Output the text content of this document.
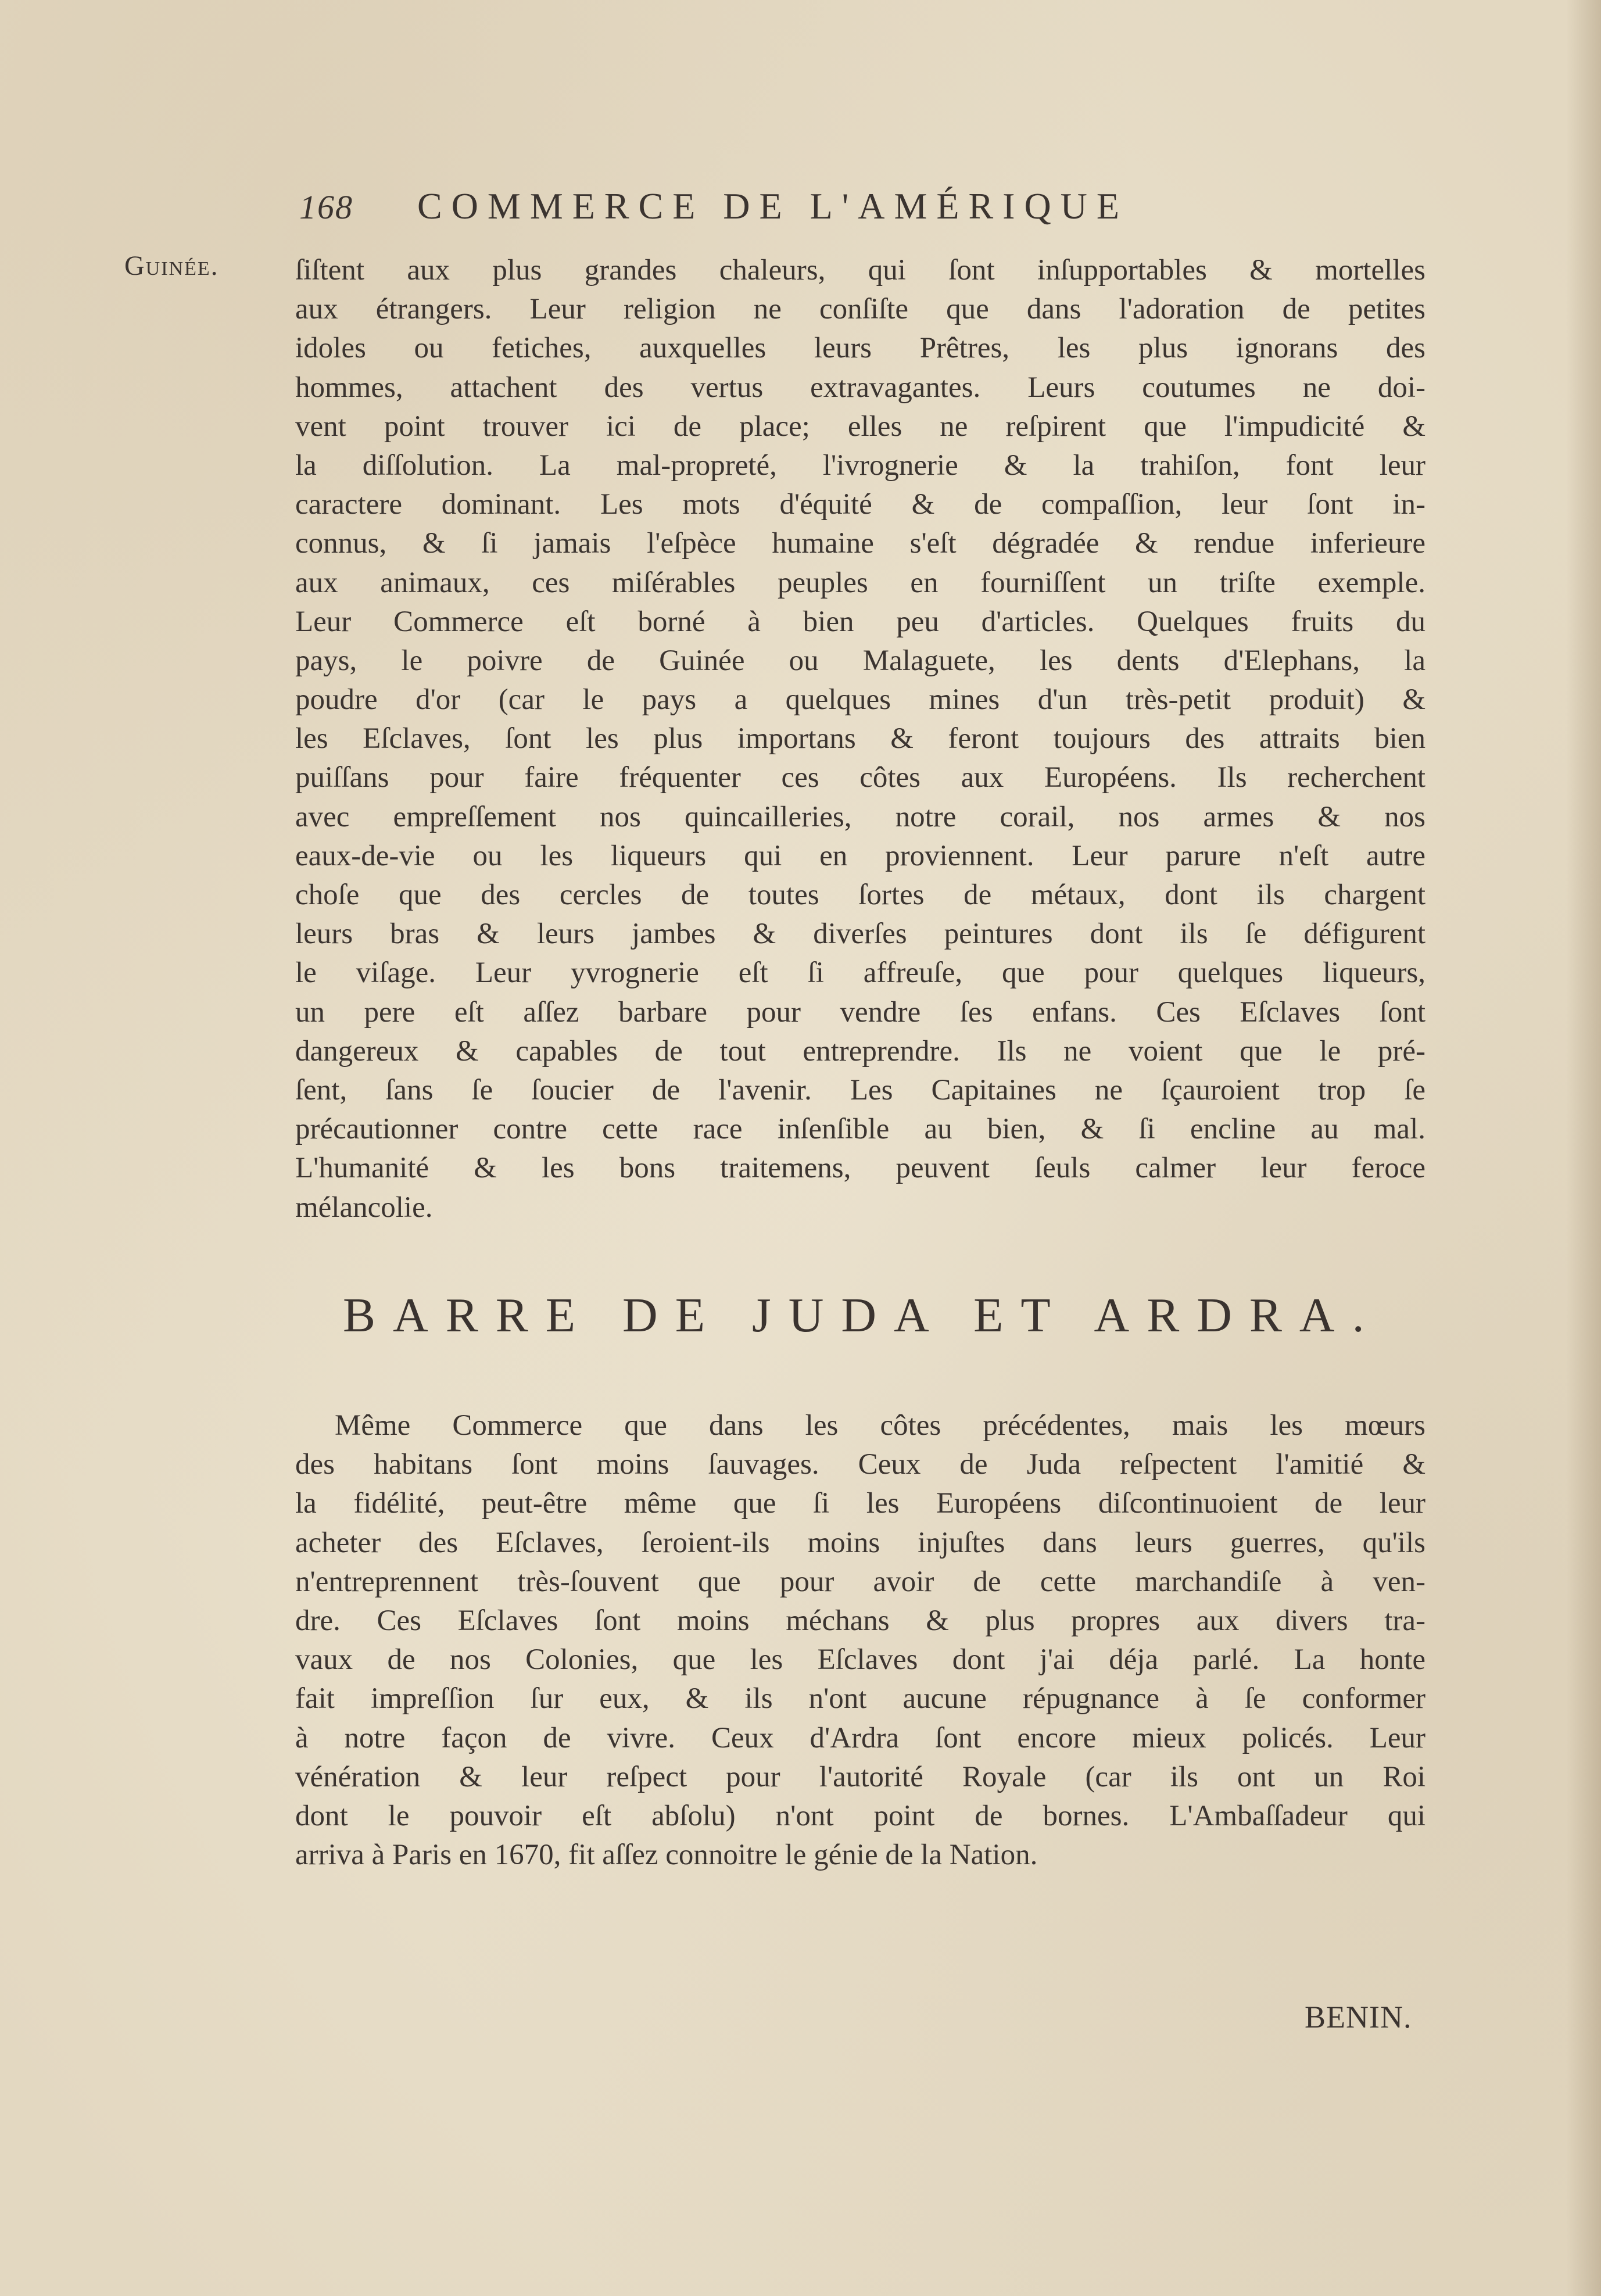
168 COMMERCE DE L'AMÉRIQUE
Guinée.	ſiſtent aux plus grandes chaleurs, qui ſont inſupportables & mortelles
aux étrangers. Leur religion ne conſiſte que dans l'adoration de petites
idoles ou fetiches, auxquelles leurs Prêtres, les plus ignorans des
hommes, attachent des vertus extravagantes. Leurs coutumes ne doi-
vent point trouver ici de place; elles ne reſpirent que l'impudicité &
la diſſolution. La mal-propreté, l'ivrognerie & la trahiſon, font leur
caractere dominant. Les mots d'équité & de compaſſion, leur ſont in-
connus, & ſi jamais l'eſpèce humaine s'eſt dégradée & rendue inferieure
aux animaux, ces miſérables peuples en fourniſſent un triſte exemple.
Leur Commerce eſt borné à bien peu d'articles. Quelques fruits du
pays, le poivre de Guinée ou Malaguete, les dents d'Elephans, la
poudre d'or (car le pays a quelques mines d'un très-petit produit) &
les Eſclaves, ſont les plus importans & feront toujours des attraits bien
puiſſans pour faire fréquenter ces côtes aux Européens. Ils recherchent
avec empreſſement nos quincailleries, notre corail, nos armes & nos
eaux-de-vie ou les liqueurs qui en proviennent. Leur parure n'eſt autre
choſe que des cercles de toutes ſortes de métaux, dont ils chargent
leurs bras & leurs jambes & diverſes peintures dont ils ſe défigurent
le viſage. Leur yvrognerie eſt ſi affreuſe, que pour quelques liqueurs,
un pere eſt aſſez barbare pour vendre ſes enfans. Ces Eſclaves ſont
dangereux & capables de tout entreprendre. Ils ne voient que le pré-
ſent, ſans ſe ſoucier de l'avenir. Les Capitaines ne ſçauroient trop ſe
précautionner contre cette race inſenſible au bien, & ſi encline au mal.
L'humanité & les bons traitemens, peuvent ſeuls calmer leur feroce
mélancolie.
BARRE DE JUDA ET ARDRA.
Même Commerce que dans les côtes précédentes, mais les mœurs
des habitans ſont moins ſauvages. Ceux de Juda reſpectent l'amitié &
la fidélité, peut-être même que ſi les Européens diſcontinuoient de leur
acheter des Eſclaves, ſeroient-ils moins injuſtes dans leurs guerres, qu'ils
n'entreprennent très-ſouvent que pour avoir de cette marchandiſe à ven-
dre. Ces Eſclaves ſont moins méchans & plus propres aux divers tra-
vaux de nos Colonies, que les Eſclaves dont j'ai déja parlé. La honte
fait impreſſion ſur eux, & ils n'ont aucune répugnance à ſe conformer
à notre façon de vivre. Ceux d'Ardra ſont encore mieux policés. Leur
vénération & leur reſpect pour l'autorité Royale (car ils ont un Roi
dont le pouvoir eſt abſolu) n'ont point de bornes. L'Ambaſſadeur qui
arriva à Paris en 1670, fit aſſez connoitre le génie de la Nation.
BENIN.
